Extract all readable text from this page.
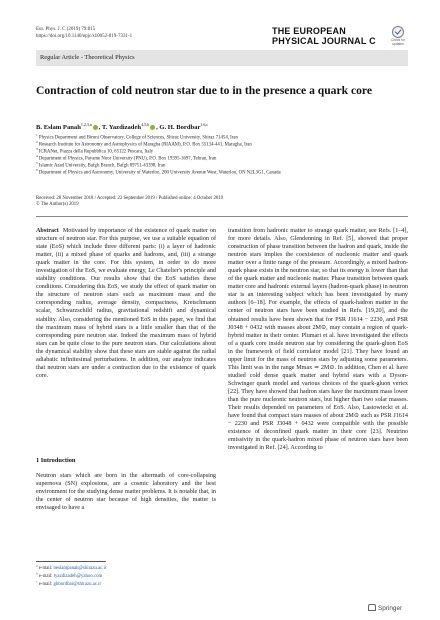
Eur. Phys. J. C (2019) 79:815
https://doi.org/10.1140/epjc/s10052-019-7331-1
THE EUROPEAN
PHYSICAL JOURNAL C	Check for updates
Regular Article - Theoretical Physics
Contraction of cold neutron star due to in the presence a quark core
B. Eslam Panah$^{1,2,3,a}$ , T. Yazdizadeh$^{4,5,b}$ , G. H. Bordbar$^{1,6,c}$
$^1$ Physics Department and Biruni Observatory, College of Sciences, Shiraz University, Shiraz 71454, Iran
$^2$ Research Institute for Astronomy and Astrophysics of Maragha (RIAAM), P.O. Box 55134-441, Maragha, Iran
$^3$ ICRANet, Piazza della Repubblica 10, 65122 Pescara, Italy
$^4$ Department of Physics, Payame Noor University (PNU), P.O. Box 19395-3697, Tehran, Iran
$^5$ Islamic Azad University, Bafgh Branch, Bafgh 89751-43398, Iran
$^6$ Department of Physics and Astronomy, University of Waterloo, 200 University Avenue West, Waterloo, ON N2L3G1, Canada
Received: 28 November 2018 / Accepted: 22 September 2019 / Published online: 4 October 2019
© The Author(s) 2019

Abstract Motivated by importance of the existence of quark matter on structure of neutron star. For this purpose, we use a suitable equation of state (EoS) which include three different parts: (i) a layer of hadronic matter, (ii) a mixed phase of quarks and hadrons, and, (iii) a strange quark matter in the core. For this system, in order to do more investigation of the EoS, we evaluate energy, Le Chatelier's principle and stability conditions. Our results show that the EoS satisfies these conditions. Considering this EoS, we study the effect of quark matter on the structure of neutron stars such as maximum mass and the corresponding radius, average density, compactness, Kretschmann scalar, Schwarzschild radius, gravitational redshift and dynamical stability. Also, considering the mentioned EoS in this paper, we find that the maximum mass of hybrid stars is a little smaller than that of the corresponding pure neutron star. Indeed the maximum mass of hybrid stars can be quite close to the pure neutron stars. Our calculations about the dynamical stability show that these stars are stable against the radial adiabatic infinitesimal perturbations. In addition, our analyze indicates that neutron stars are under a contraction due to the existence of quark core.

1 Introduction
Neutron stars which are born in the aftermath of core-collapsing supernova (SN) explosions, are a cosmic laboratory and the best environment for the studying dense matter problems. It is notable that, in the center of neutron star because of high densities, the matter is envisaged to have a

transition from hadronic matter to strange quark matter, see Refs. [1–4], for more details. Also, Glendenning in Ref. [5], showed that proper construction of phase transition between the hadron and quark, inside the neutron stars implies the coexistence of nucleonic matter and quark matter over a finite range of the pressure. Accordingly, a mixed hadron-quark phase exists in the neutron star, so that its energy is lower than that of the quark matter and nucleonic matter. Phase transition between quark matter core and hadronic external layers (hadron-quark phase) in neutron star is an interesting subject which has been investigated by many authors [6–18]. For example, the effects of quark-hadron matter in the center of neutron stars have been studied in Refs. [19,20], and the obtained results have been shown that for PSR J1614 − 2230, and PSR J0348 + 0432 with masses about 2M⊙, may contain a region of quark-hybrid matter in their center. Plumari et al. have investigated the effects of a quark core inside neutron star by considering the quark-gluon EoS in the framework of field correlator model [21]. They have found an upper limit for the mass of neutron stars by adjusting some parameters. This limit was in the range Mmax ≃ 2M⊙. In addition, Chen et al. have studied cold dense quark matter and hybrid stars with a Dyson-Schwinger quark model and various choices of the quark-gluon vertex [22]. They have showed that hadron stars have the maximum mass lower than the pure nucleonic neutron stars, but higher than two solar masses. Their results depended on parameters of EoS. Also, Lastowiecki et al. have found that compact stars masses of about 2M⊙ such as PSR J1614 − 2230 and PSR J3048 + 0432 were compatible with the possible existence of deconfined quark matter in their core [23]. Neutrino emissivity in the quark-hadron mixed phase of neutron stars have been investigated in Ref. [24]. According to

$^a$ e-mail: beslampanah@shirazu.ac.ir
$^b$ e-mail: tyazdizadeh@yahoo.com
$^c$ e-mail: ghbordbar@shirazu.ac.ir
Springer
